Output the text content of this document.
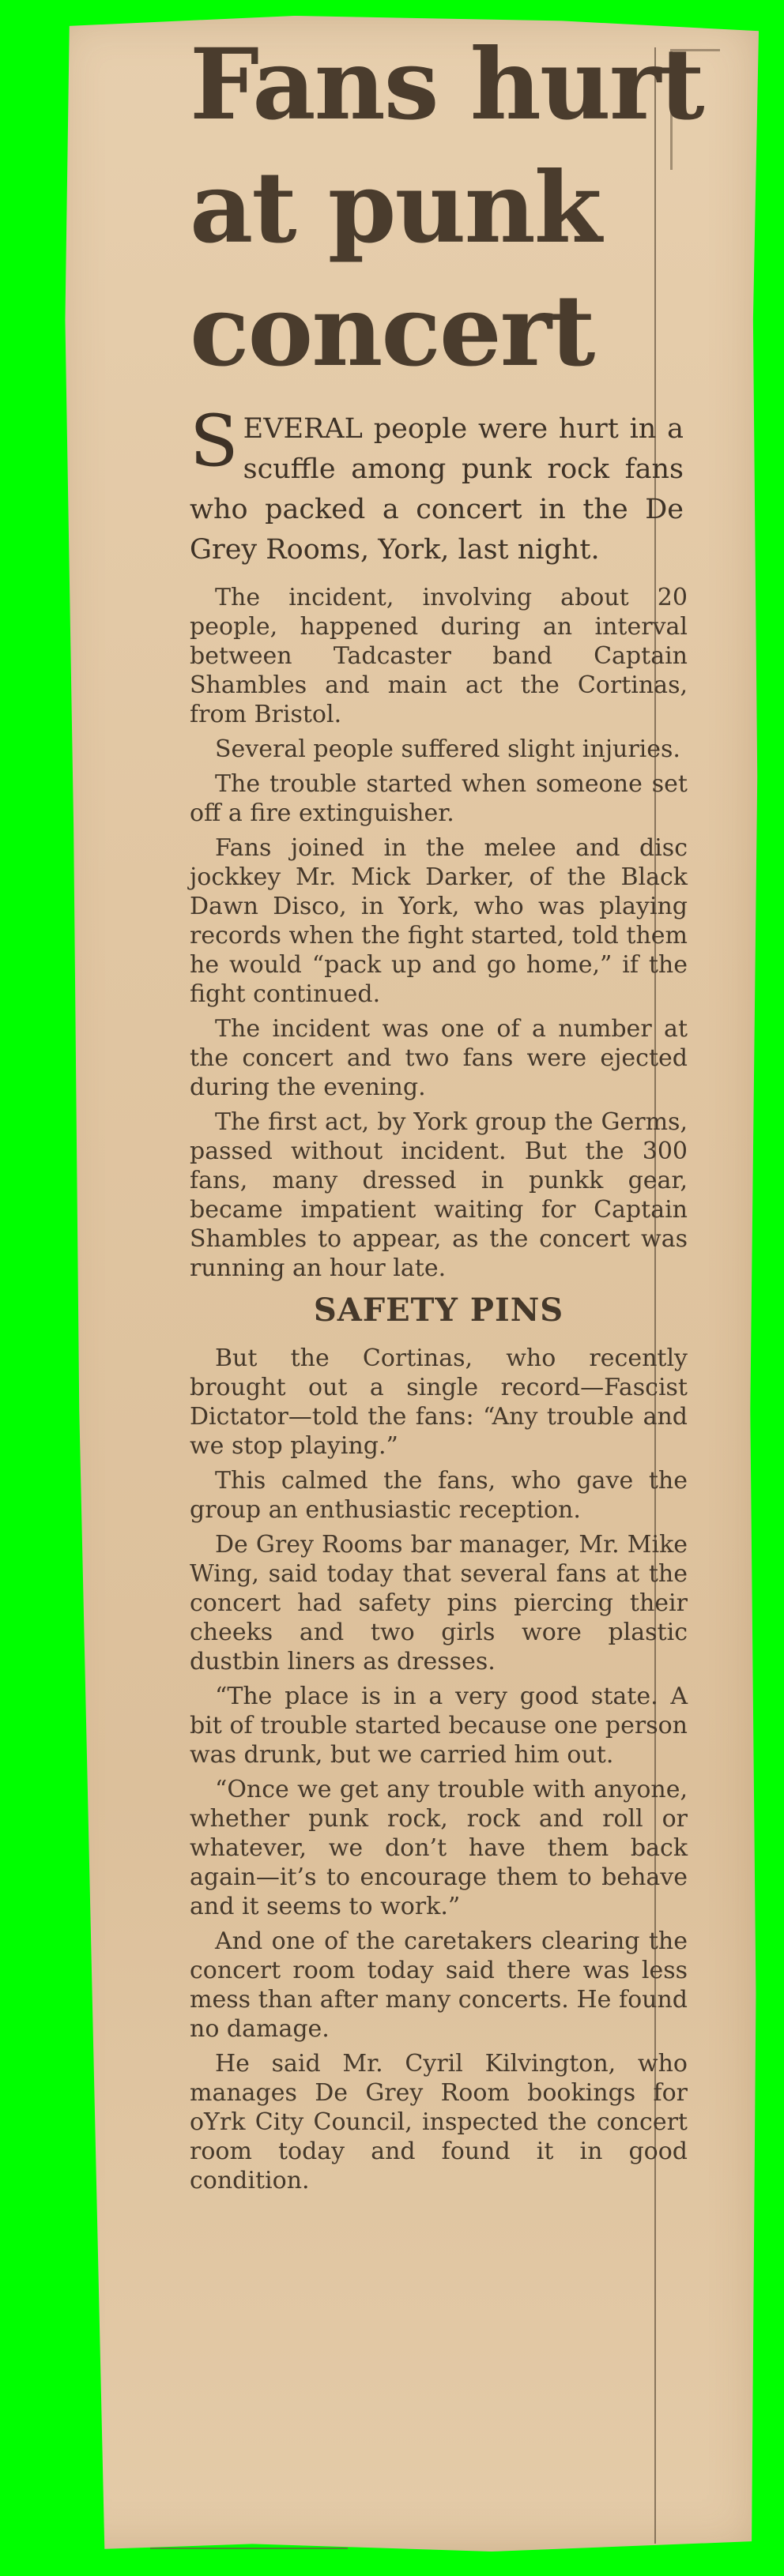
Fans hurt
at punk
concert

SEVERAL people were hurt in a scuffle among punk rock fans who packed a concert in the De Grey Rooms, York, last night.

The incident, involving about 20 people, happened during an interval between Tadcaster band Captain Shambles and main act the Cortinas, from Bristol.

Several people suffered slight injuries.

The trouble started when someone set off a fire extinguisher.

Fans joined in the melee and disc jockkey Mr. Mick Darker, of the Black Dawn Disco, in York, who was playing records when the fight started, told them he would “pack up and go home,” if the fight continued.

The incident was one of a number at the concert and two fans were ejected during the evening.

The first act, by York group the Germs, passed without incident. But the 300 fans, many dressed in punkk gear, became impatient waiting for Captain Shambles to appear, as the concert was running an hour late.

SAFETY PINS

But the Cortinas, who recently brought out a single record—Fascist Dictator—told the fans: “Any trouble and we stop playing.”

This calmed the fans, who gave the group an enthusiastic reception.

De Grey Rooms bar manager, Mr. Mike Wing, said today that several fans at the concert had safety pins piercing their cheeks and two girls wore plastic dustbin liners as dresses.

“The place is in a very good state. A bit of trouble started because one person was drunk, but we carried him out.

“Once we get any trouble with anyone, whether punk rock, rock and roll or whatever, we don’t have them back again—it’s to encourage them to behave and it seems to work.”

And one of the caretakers clearing the concert room today said there was less mess than after many concerts. He found no damage.

He said Mr. Cyril Kilvington, who manages De Grey Room bookings for oYrk City Council, inspected the concert room today and found it in good condition.
